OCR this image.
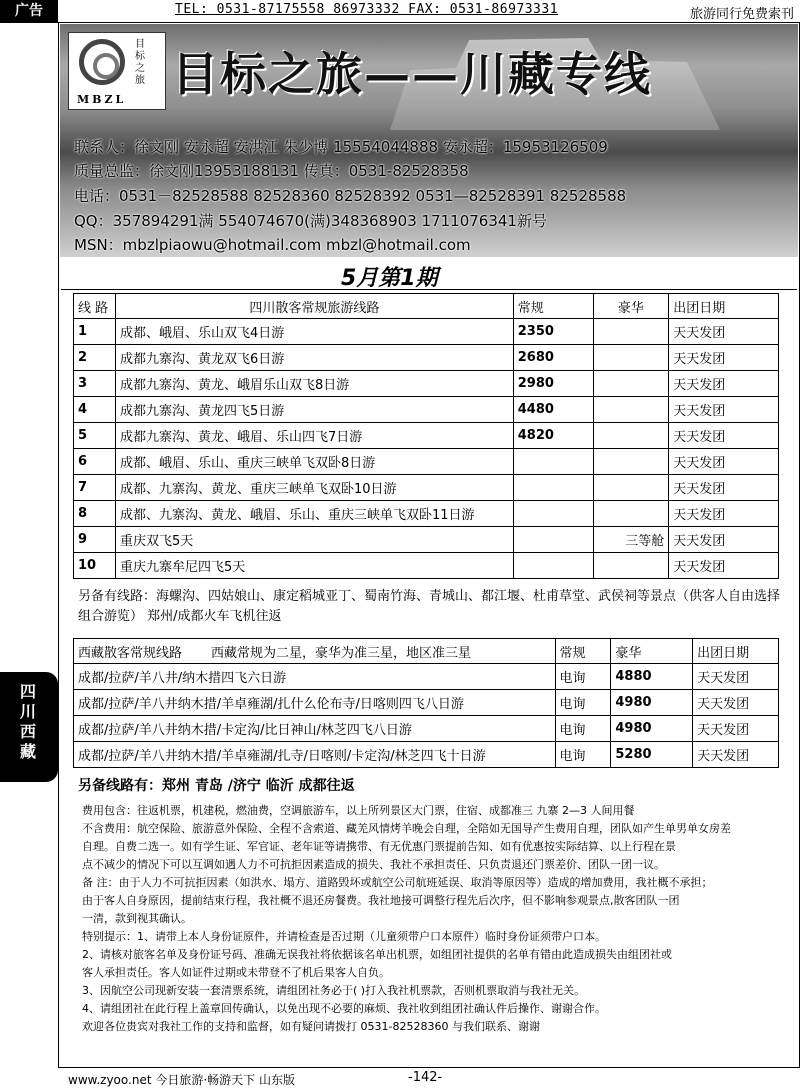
广告	TEL: 0531-87175558 86973332 FAX: 0531-86973331	旅游同行免费索刊
目标之旅
MBZL 目标之旅——川藏专线
联系人：徐文刚 安永超 安洪江 朱少博 15554044888 安永超：15953126509
质量总监：徐文刚13953188131 传真：0531-82528358
电话：0531－82528588 82528360 82528392 0531—82528391 82528588
QQ：357894291满 554074670(满)348368903 1711076341新号
MSN：mbzlpiaowu@hotmail.com mbzl@hotmail.com
5月第1期
线 路	四川散客常规旅游线路	常规	豪华	出团日期
1	成都、峨眉、乐山双飞4日游	2350		天天发团
2	成都九寨沟、黄龙双飞6日游	2680		天天发团
3	成都九寨沟、黄龙、峨眉乐山双飞8日游	2980		天天发团
4	成都九寨沟、黄龙四飞5日游	4480		天天发团
5	成都九寨沟、黄龙、峨眉、乐山四飞7日游	4820		天天发团
6	成都、峨眉、乐山、重庆三峡单飞双卧8日游			天天发团
7	成都、九寨沟、黄龙、重庆三峡单飞双卧10日游			天天发团
8	成都、九寨沟、黄龙、峨眉、乐山、重庆三峡单飞双卧11日游			天天发团
9	重庆双飞5天		三等舱	天天发团
10	重庆九寨牟尼四飞5天			天天发团
另备有线路：海螺沟、四姑娘山、康定稻城亚丁、蜀南竹海、青城山、都江堰、杜甫草堂、武侯祠等景点（供客人自由选择组合游览） 郑州/成都火车飞机往返
西藏散客常规线路 西藏常规为二星，豪华为准三星，地区准三星	常规	豪华	出团日期
成都/拉萨/羊八井/纳木措四飞六日游	电询	4880	天天发团
成都/拉萨/羊八井纳木措/羊卓雍湖/扎什么伦布寺/日喀则四飞八日游	电询	4980	天天发团
成都/拉萨/羊八井纳木措/卡定沟/比日神山/林芝四飞八日游	电询	4980	天天发团
成都/拉萨/羊八井纳木措/羊卓雍湖/扎寺/日喀则/卡定沟/林芝四飞十日游	电询	5280	天天发团
另备线路有：郑州 青岛 /济宁 临沂 成都往返

费用包含：往返机票，机建税，燃油费，空调旅游车，以上所列景区大门票，住宿、成都准三 九寨 2—3 人间用餐

不含费用：航空保险、旅游意外保险、全程不含索道、藏羌风情烤羊晚会自理，全陪如无国导产生费用自理，团队如产生单男单女房差

自理。自费二选一。如有学生证、军官证、老年证等请携带、有无优惠门票提前告知、如有优惠按实际结算、以上行程在景

点不减少的情况下可以互调如遇人力不可抗拒因素造成的损失、我社不承担责任、只负责退还门票差价、团队一团一议。

备 注：由于人力不可抗拒因素（如洪水、塌方、道路毁坏或航空公司航班延误、取消等原因等）造成的增加费用，我社概不承担；

由于客人自身原因，提前结束行程，我社概不退还房餐费。我社地接可调整行程先后次序，但不影响参观景点,散客团队一团

一清，款到视其确认。

特别提示：1、请带上本人身份证原件，并请检查是否过期（儿童须带户口本原件）临时身份证须带户口本。

2、请核对旅客名单及身份证号码、准确无误我社将依据该名单出机票，如组团社提供的名单有错由此造成损失由组团社或

客人承担责任。客人如证件过期或未带登不了机后果客人自负。

3、因航空公司现新安装一套清票系统，请组团社务必于( )打入我社机票款，否则机票取消与我社无关。

4、请组团社在此行程上盖章回传确认，以免出现不必要的麻烦、我社收到组团社确认件后操作、谢谢合作。

欢迎各位贵宾对我社工作的支持和监督，如有疑问请拨打 0531-82528360 与我们联系、谢谢

四川西藏
www.zyoo.net 今日旅游·畅游天下 山东版	-142-
